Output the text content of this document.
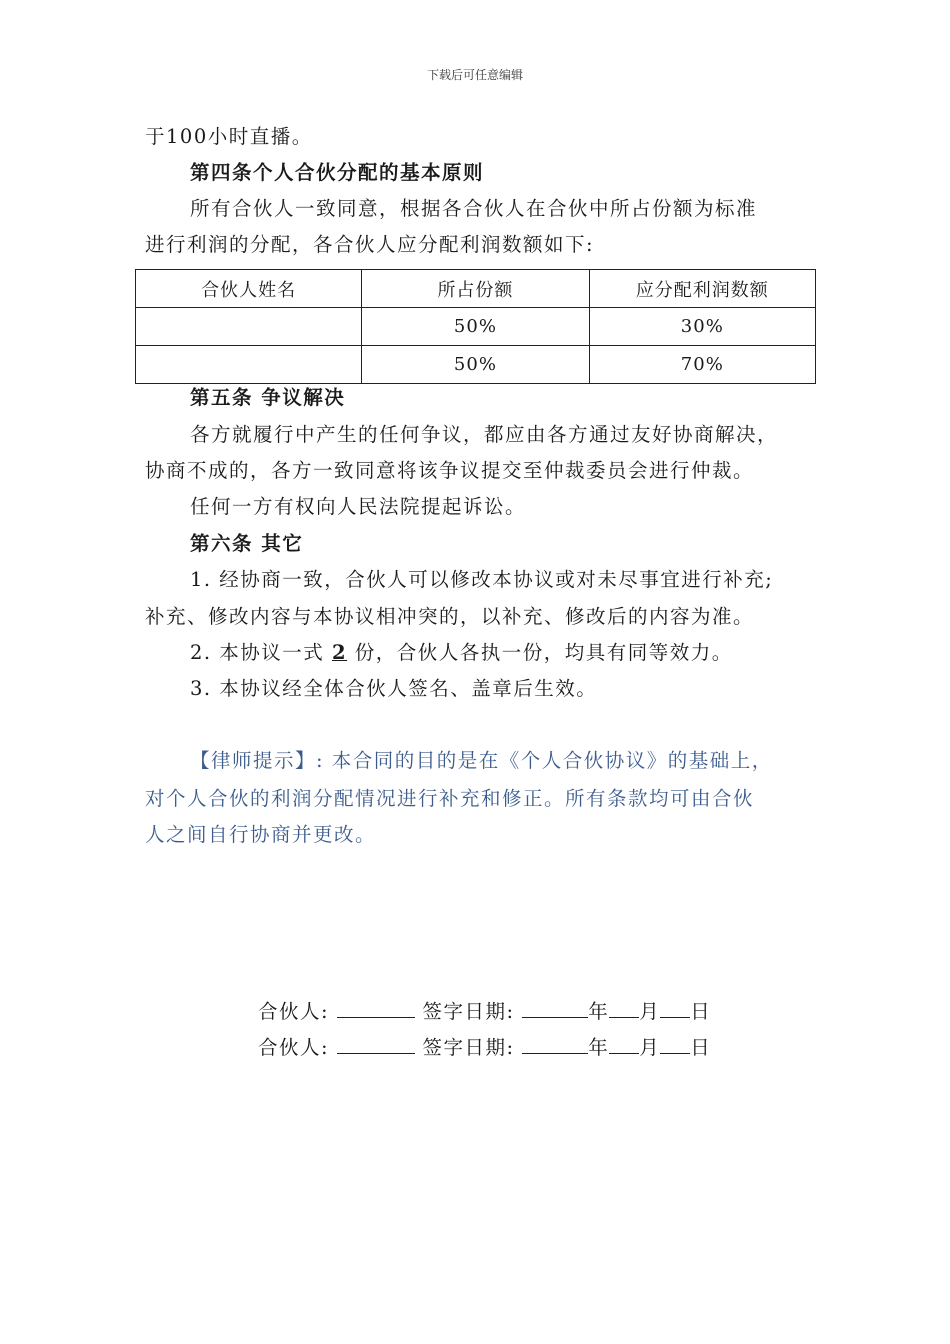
下载后可任意编辑
于100小时直播。
第四条个人合伙分配的基本原则
所有合伙人一致同意，根据各合伙人在合伙中所占份额为标准
进行利润的分配，各合伙人应分配利润数额如下:
合伙人姓名	所占份额	应分配利润数额
	50%	30%
	50%	70%
第五条 争议解决
各方就履行中产生的任何争议，都应由各方通过友好协商解决，
协商不成的，各方一致同意将该争议提交至仲裁委员会进行仲裁。
任何一方有权向人民法院提起诉讼。
第六条 其它
1. 经协商一致，合伙人可以修改本协议或对未尽事宜进行补充;
补充、修改内容与本协议相冲突的，以补充、修改后的内容为准。
2. 本协议一式 2 份，合伙人各执一份，均具有同等效力。
3. 本协议经全体合伙人签名、盖章后生效。
【律师提示】: 本合同的目的是在《个人合伙协议》的基础上，
对个人合伙的利润分配情况进行补充和修正。所有条款均可由合伙
人之间自行协商并更改。
合伙人:	签字日期:	年 月 日
合伙人:	签字日期:	年 月 日
